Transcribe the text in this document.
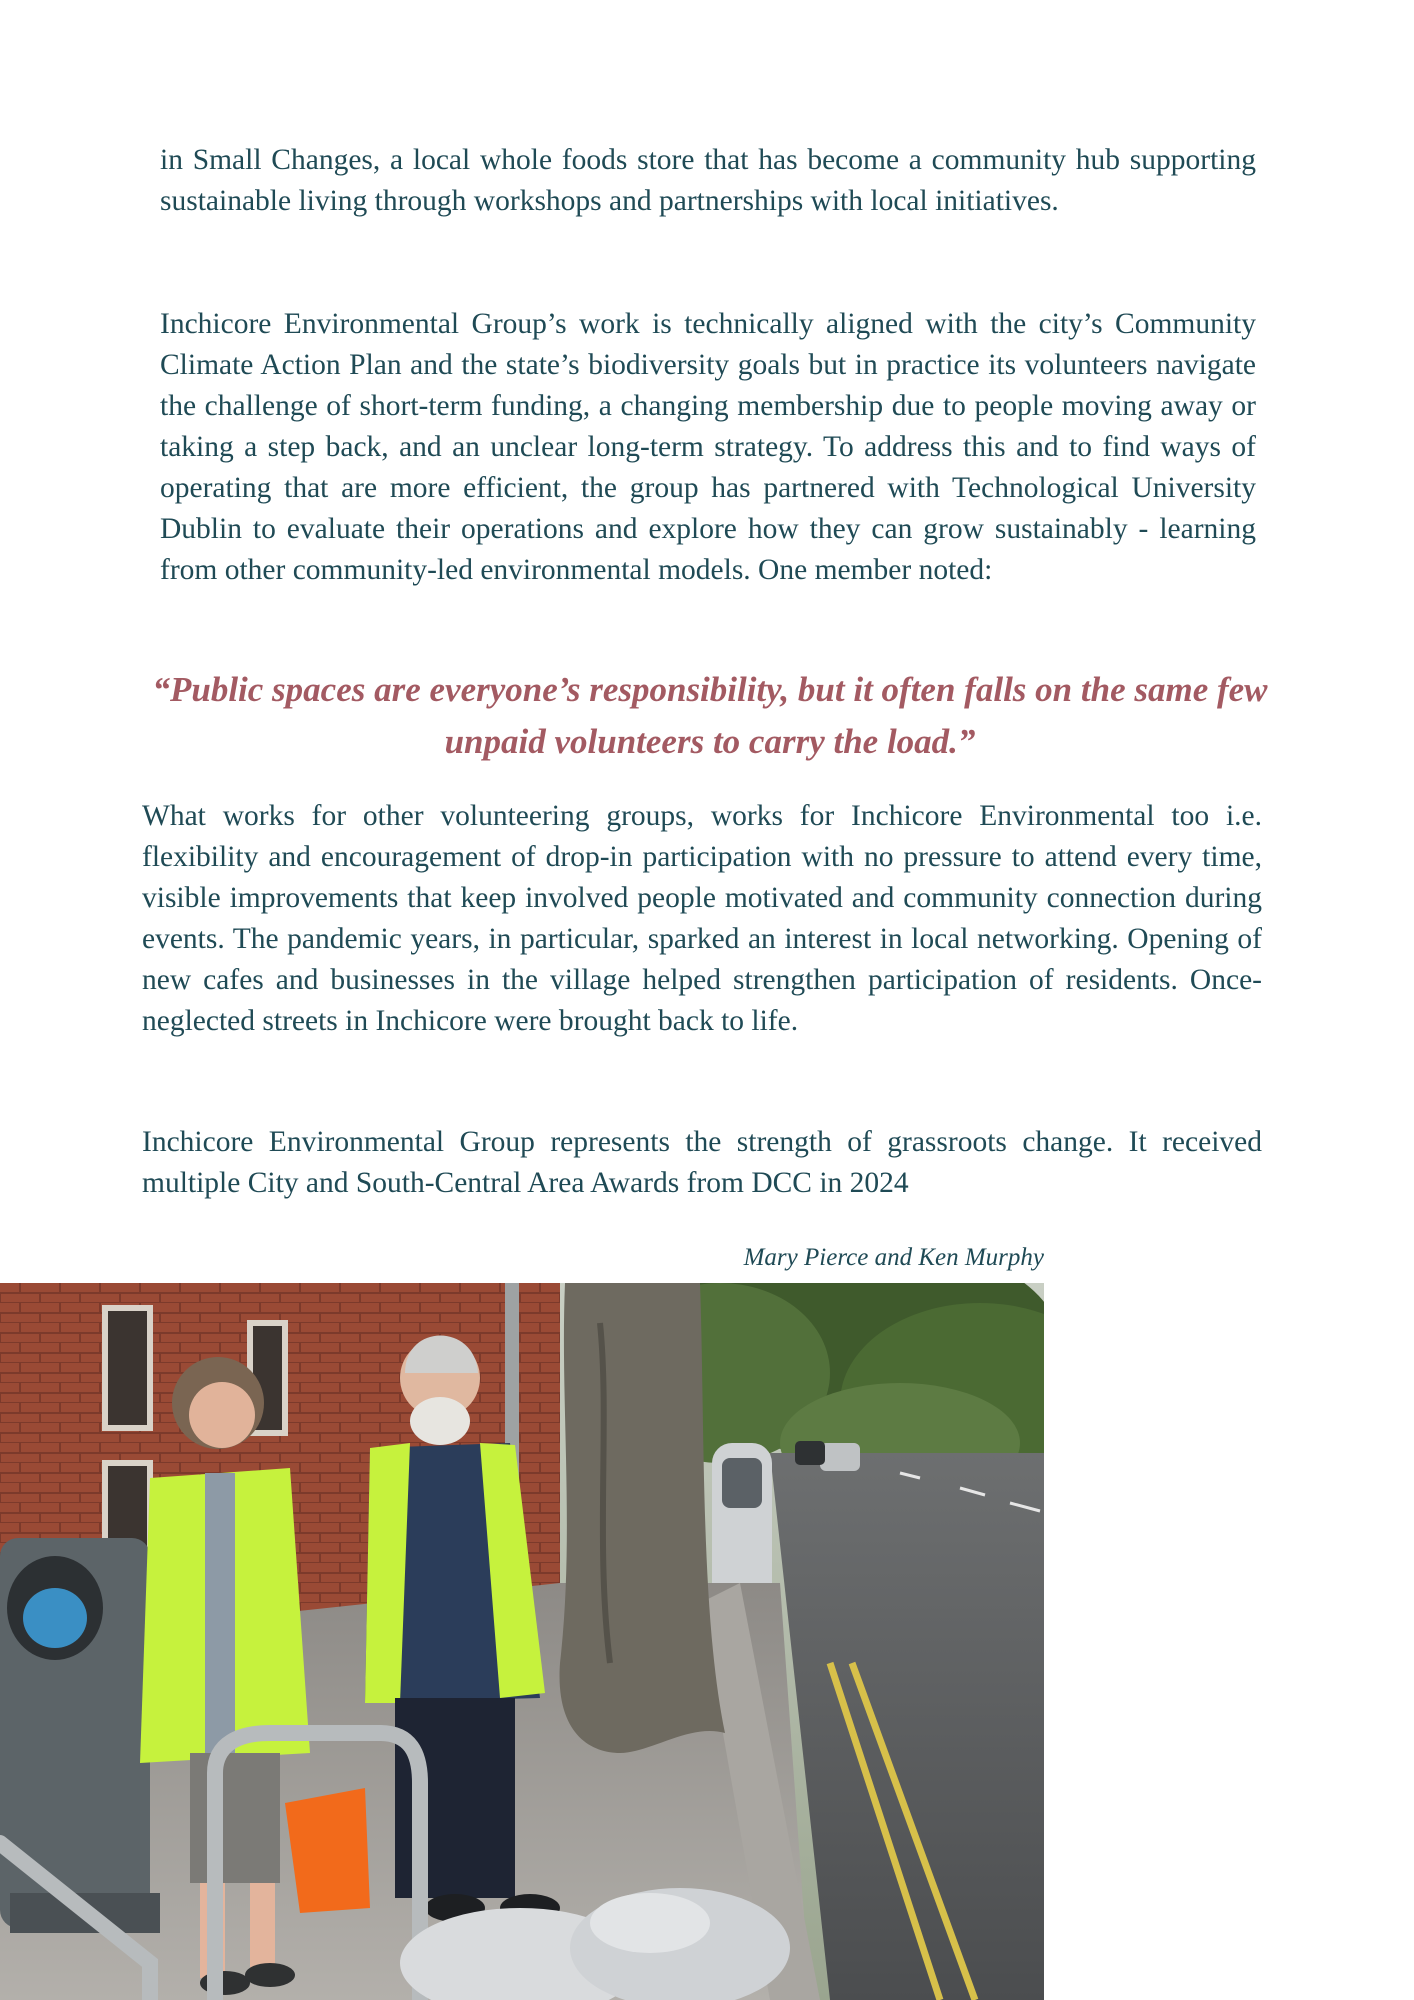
in Small Changes, a local whole foods store that has become a community hub supporting sustainable living through workshops and partnerships with local initiatives.

Inchicore Environmental Group’s work is technically aligned with the city’s Community Climate Action Plan and the state’s biodiversity goals but in practice its volunteers navigate the challenge of short-term funding, a changing membership due to people moving away or taking a step back, and an unclear long-term strategy. To address this and to find ways of operating that are more efficient, the group has partnered with Technological University Dublin to evaluate their operations and explore how they can grow sustainably - learning from other community-led environmental models. One member noted:

“Public spaces are everyone’s responsibility, but it often falls on the same few unpaid volunteers to carry the load.”

What works for other volunteering groups, works for Inchicore Environmental too i.e. flexibility and encouragement of drop-in participation with no pressure to attend every time, visible improvements that keep involved people motivated and community connection during events. The pandemic years, in particular, sparked an interest in local networking. Opening of new cafes and businesses in the village helped strengthen participation of residents. Once-neglected streets in Inchicore were brought back to life.

Inchicore Environmental Group represents the strength of grassroots change. It received multiple City and South-Central Area Awards from DCC in 2024

Mary Pierce and Ken Murphy
